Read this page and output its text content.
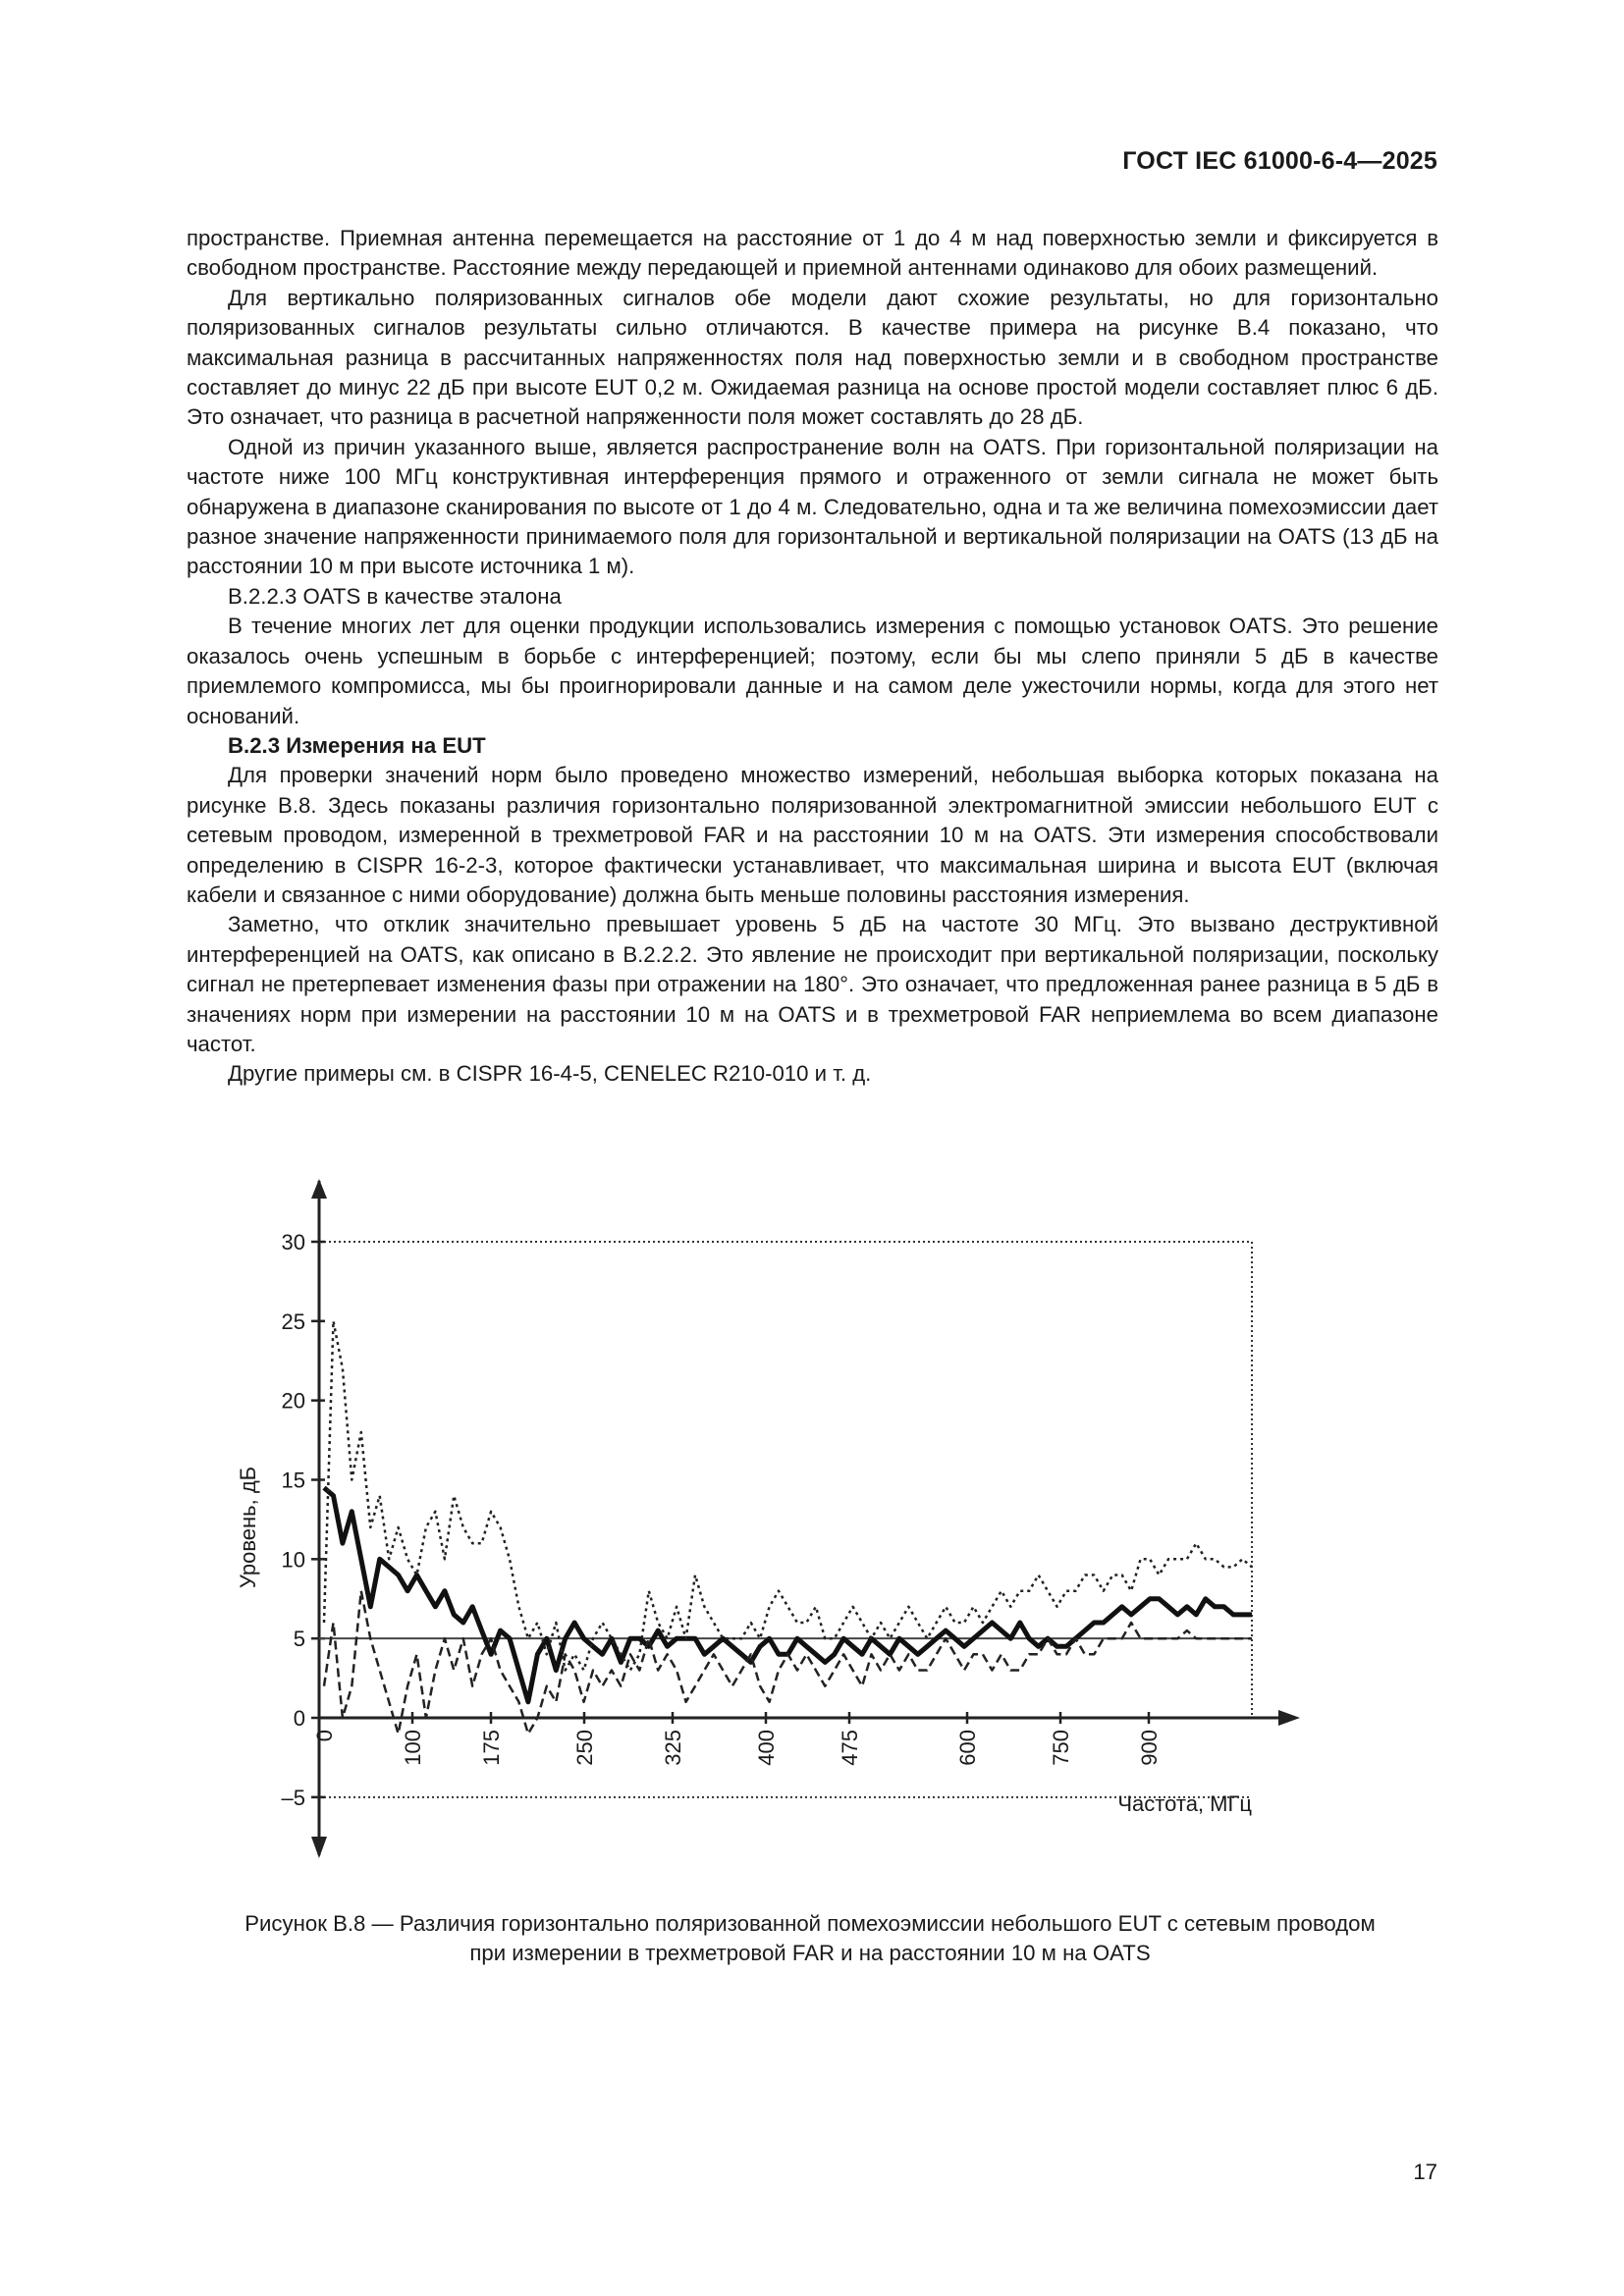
ГОСТ IEC 61000-6-4—2025

пространстве. Приемная антенна перемещается на расстояние от 1 до 4 м над поверхностью земли и фиксируется в свободном пространстве. Расстояние между передающей и приемной антеннами одинаково для обоих размещений.

Для вертикально поляризованных сигналов обе модели дают схожие результаты, но для горизонтально поляризованных сигналов результаты сильно отличаются. В качестве примера на рисунке В.4 показано, что максимальная разница в рассчитанных напряженностях поля над поверхностью земли и в свободном пространстве составляет до минус 22 дБ при высоте EUT 0,2 м. Ожидаемая разница на основе простой модели составляет плюс 6 дБ. Это означает, что разница в расчетной напряженности поля может составлять до 28 дБ.

Одной из причин указанного выше, является распространение волн на OATS. При горизонтальной поляризации на частоте ниже 100 МГц конструктивная интерференция прямого и отраженного от земли сигнала не может быть обнаружена в диапазоне сканирования по высоте от 1 до 4 м. Следовательно, одна и та же величина помехоэмиссии дает разное значение напряженности принимаемого поля для горизонтальной и вертикальной поляризации на OATS (13 дБ на расстоянии 10 м при высоте источника 1 м).

В.2.2.3 OATS в качестве эталона

В течение многих лет для оценки продукции использовались измерения с помощью установок OATS. Это решение оказалось очень успешным в борьбе с интерференцией; поэтому, если бы мы слепо приняли 5 дБ в качестве приемлемого компромисса, мы бы проигнорировали данные и на самом деле ужесточили нормы, когда для этого нет оснований.

В.2.3 Измерения на EUT

Для проверки значений норм было проведено множество измерений, небольшая выборка которых показана на рисунке В.8. Здесь показаны различия горизонтально поляризованной электромагнитной эмиссии небольшого EUT с сетевым проводом, измеренной в трехметровой FAR и на расстоянии 10 м на OATS. Эти измерения способствовали определению в CISPR 16-2-3, которое фактически устанавливает, что максимальная ширина и высота EUT (включая кабели и связанное с ними оборудование) должна быть меньше половины расстояния измерения.

Заметно, что отклик значительно превышает уровень 5 дБ на частоте 30 МГц. Это вызвано деструктивной интерференцией на OATS, как описано в В.2.2.2. Это явление не происходит при вертикальной поляризации, поскольку сигнал не претерпевает изменения фазы при отражении на 180°. Это означает, что предложенная ранее разница в 5 дБ в значениях норм при измерении на расстоянии 10 м на OATS и в трехметровой FAR неприемлема во всем диапазоне частот.

Другие примеры см. в CISPR 16-4-5, CENELEC R210-010 и т. д.

30
25
20
15
10
5
0
–5
Уровень, дБ
0	100	175	250	325	400	475	600	750	900
Частота, МГц
Рисунок В.8 — Различия горизонтально поляризованной помехоэмиссии небольшого EUT с сетевым проводом
при измерении в трехметровой FAR и на расстоянии 10 м на OATS
17
